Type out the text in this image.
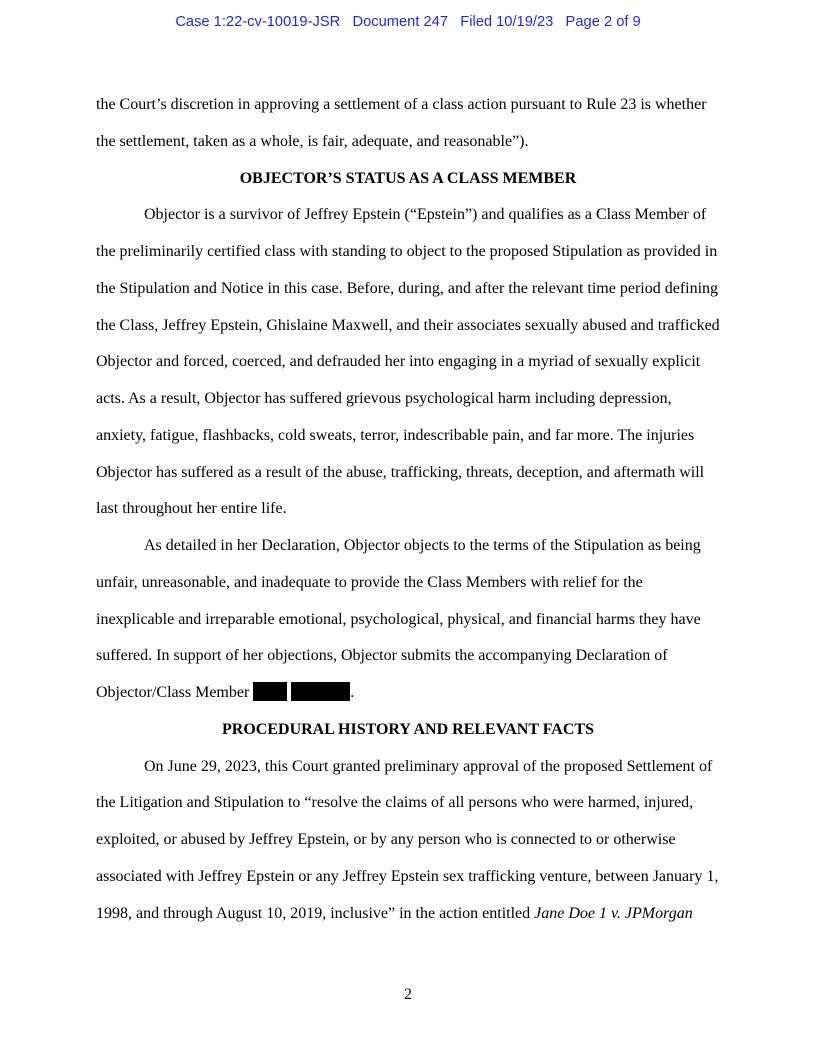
Case 1:22-cv-10019-JSR   Document 247   Filed 10/19/23   Page 2 of 9
the Court’s discretion in approving a settlement of a class action pursuant to Rule 23 is whether
the settlement, taken as a whole, is fair, adequate, and reasonable”).
OBJECTOR’S STATUS AS A CLASS MEMBER
Objector is a survivor of Jeffrey Epstein (“Epstein”) and qualifies as a Class Member of
the preliminarily certified class with standing to object to the proposed Stipulation as provided in
the Stipulation and Notice in this case. Before, during, and after the relevant time period defining
the Class, Jeffrey Epstein, Ghislaine Maxwell, and their associates sexually abused and trafficked
Objector and forced, coerced, and defrauded her into engaging in a myriad of sexually explicit
acts. As a result, Objector has suffered grievous psychological harm including depression,
anxiety, fatigue, flashbacks, cold sweats, terror, indescribable pain, and far more. The injuries
Objector has suffered as a result of the abuse, trafficking, threats, deception, and aftermath will
last throughout her entire life.
As detailed in her Declaration, Objector objects to the terms of the Stipulation as being
unfair, unreasonable, and inadequate to provide the Class Members with relief for the
inexplicable and irreparable emotional, psychological, physical, and financial harms they have
suffered. In support of her objections, Objector submits the accompanying Declaration of
Objector/Class Member	.
PROCEDURAL HISTORY AND RELEVANT FACTS
On June 29, 2023, this Court granted preliminary approval of the proposed Settlement of
the Litigation and Stipulation to “resolve the claims of all persons who were harmed, injured,
exploited, or abused by Jeffrey Epstein, or by any person who is connected to or otherwise
associated with Jeffrey Epstein or any Jeffrey Epstein sex trafficking venture, between January 1,
1998, and through August 10, 2019, inclusive” in the action entitled Jane Doe 1 v. JPMorgan
2
